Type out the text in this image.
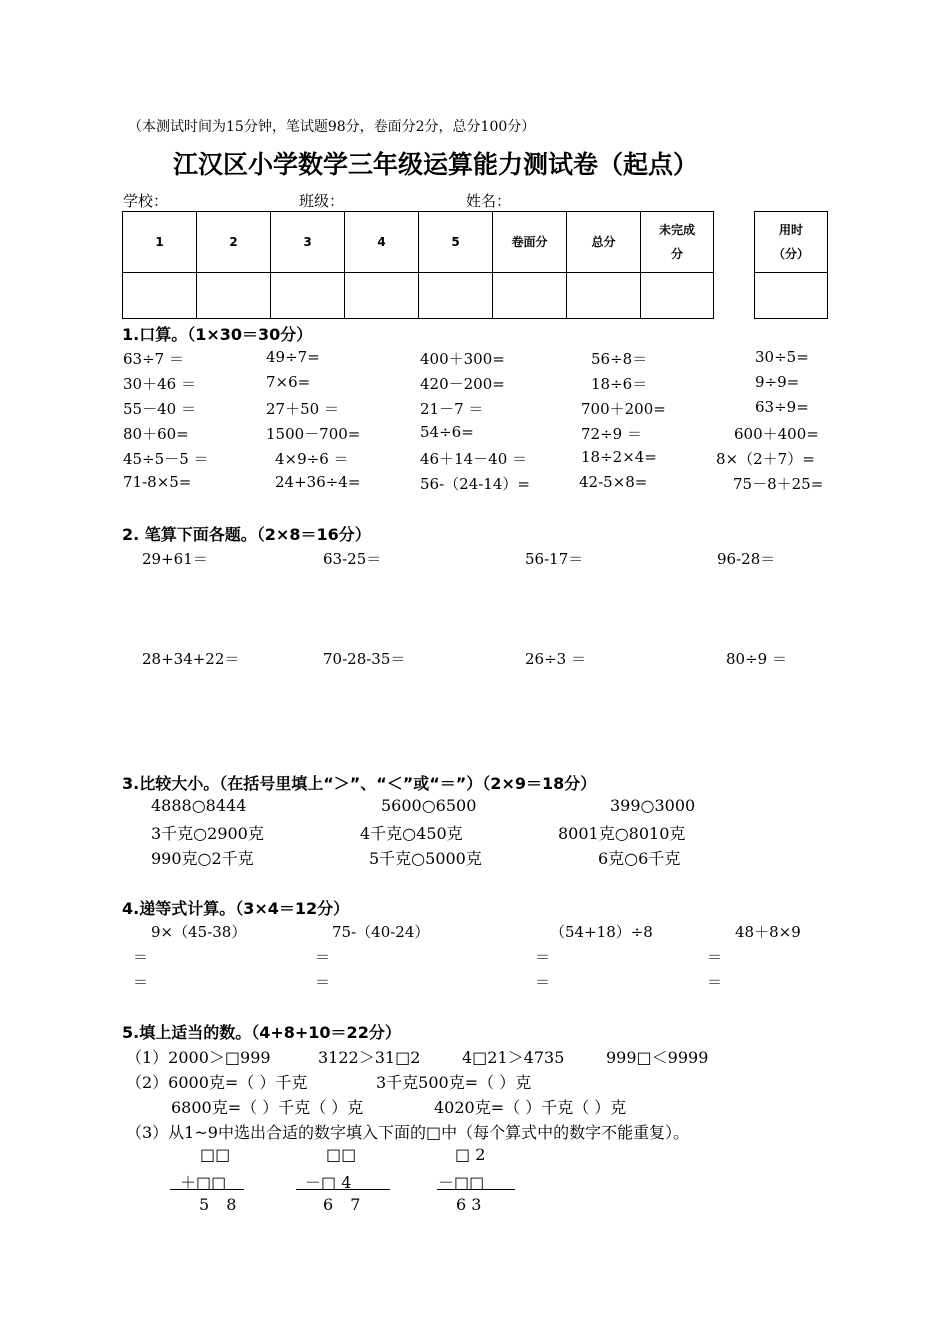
（本测试时间为15分钟，笔试题98分，卷面分2分，总分100分）
江汉区小学数学三年级运算能力测试卷（起点）
学校：	班级：	姓名：
1	2	3	4	5	卷面分	总分	未完成
分

用时
（分）

1.口算。（1×30＝30分）
63÷7 ＝	49÷7=	400＋300=	56÷8＝	30÷5=
30＋46 ＝	7×6=	420－200=	18÷6＝	9÷9=
55－40 ＝	27＋50 ＝	21－7 ＝	700＋200=	63÷9=
80＋60=	1500－700=	54÷6=	72÷9 ＝	600＋400=
45÷5－5 ＝	4×9÷6 ＝	46＋14－40 ＝	18÷2×4=	8×（2＋7）=
71-8×5=	24+36÷4=	56-（24-14）=	42-5×8=	75－8＋25=
2. 笔算下面各题。（2×8＝16分）
29+61＝	63-25＝	56-17＝	96-28＝
28+34+22＝	70-28-35＝	26÷3 ＝	80÷9 ＝
3.比较大小。（在括号里填上“＞”、“＜”或“＝”）（2×9＝18分）
4888○8444	5600○6500	399○3000
3千克○2900克	4千克○450克	8001克○8010克
990克○2千克	5千克○5000克	6克○6千克
4.递等式计算。（3×4＝12分）
9×（45-38）	75-（40-24）	（54+18）÷8	48＋8×9
＝	＝	＝	＝
＝	＝	＝	＝
5.填上适当的数。（4+8+10＝22分）
（1）2000＞□999	3122＞31□2	4□21＞4735	999□＜9999
（2）6000克=（ ）千克	3千克500克=（ ）克
6800克=（ ）千克（ ）克	4020克=（ ）千克（ ）克
（3）从1~9中选出合适的数字填入下面的□中（每个算式中的数字不能重复）。
□□
＋□□
5 8
□□
－□ 4
6 7
□ 2
－□□
6 3
